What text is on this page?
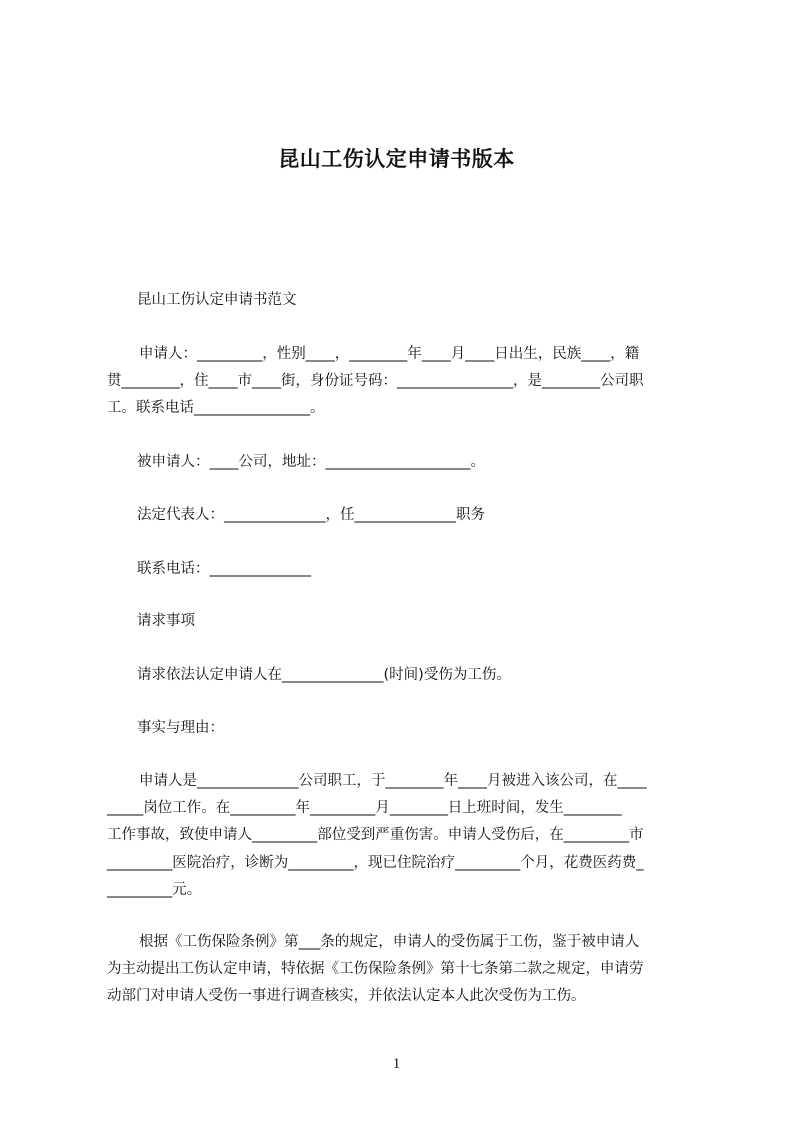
昆山工伤认定申请书版本
昆山工伤认定申请书范文
申请人：_________，性别____，________年____月____日出生，民族____，籍
贯________，住____市____街，身份证号码：________________，是________公司职
工。联系电话________________。
被申请人：____公司，地址：____________________。
法定代表人：______________，任______________职务
联系电话：______________
请求事项
请求依法认定申请人在______________(时间)受伤为工伤。
事实与理由：
申请人是______________公司职工，于________年____月被进入该公司，在____
_____岗位工作。在_________年_________月________日上班时间，发生________
工作事故，致使申请人_________部位受到严重伤害。申请人受伤后，在_________市
_________医院治疗，诊断为_________，现已住院治疗_________个月，花费医药费_
_________元。
根据《工伤保险条例》第___条的规定，申请人的受伤属于工伤，鉴于被申请人
为主动提出工伤认定申请，特依据《工伤保险条例》第十七条第二款之规定，申请劳
动部门对申请人受伤一事进行调查核实，并依法认定本人此次受伤为工伤。
1
